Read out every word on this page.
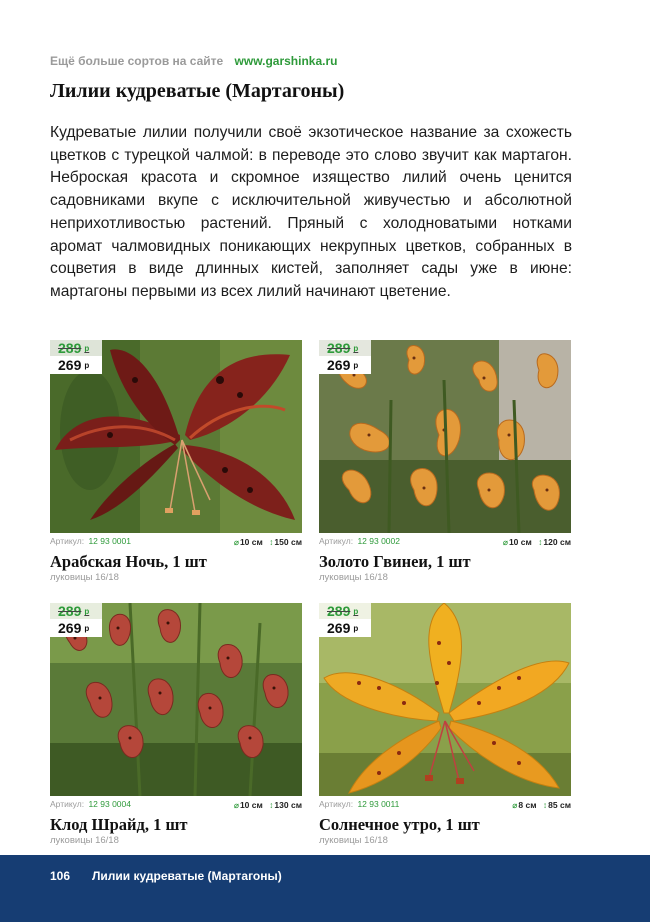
Ещё больше сортов на сайте www.garshinka.ru
Лилии кудреватые (Мартагоны)

Кудреватые лилии получили своё экзотическое название за схожесть цветков с турецкой чалмой: в переводе это слово звучит как мартагон. Неброская красота и скромное изящество лилий очень ценится садовниками вкупе с исключительной живучестью и абсолютной неприхотливостью растений. Пряный с холодноватыми нотками аромат чалмовидных поникающих некрупных цветков, собранных в соцветия в виде длинных кистей, заполняет сады уже в июне: мартагоны первыми из всех лилий начинают цветение.

289 $^р$
269 $^р$
Артикул: 12 93 0001	⌀10 см ↕150 см
Арабская Ночь, 1 шт
луковицы 16/18
289 $^р$
269 $^р$
Артикул: 12 93 0002	⌀10 см ↕120 см
Золото Гвинеи, 1 шт
луковицы 16/18
289 $^р$
269 $^р$
Артикул: 12 93 0004	⌀10 см ↕130 см
Клод Шрайд, 1 шт
луковицы 16/18
289 $^р$
269 $^р$
Артикул: 12 93 0011	⌀8 см ↕85 см
Солнечное утро, 1 шт
луковицы 16/18
106 Лилии кудреватые (Мартагоны)
